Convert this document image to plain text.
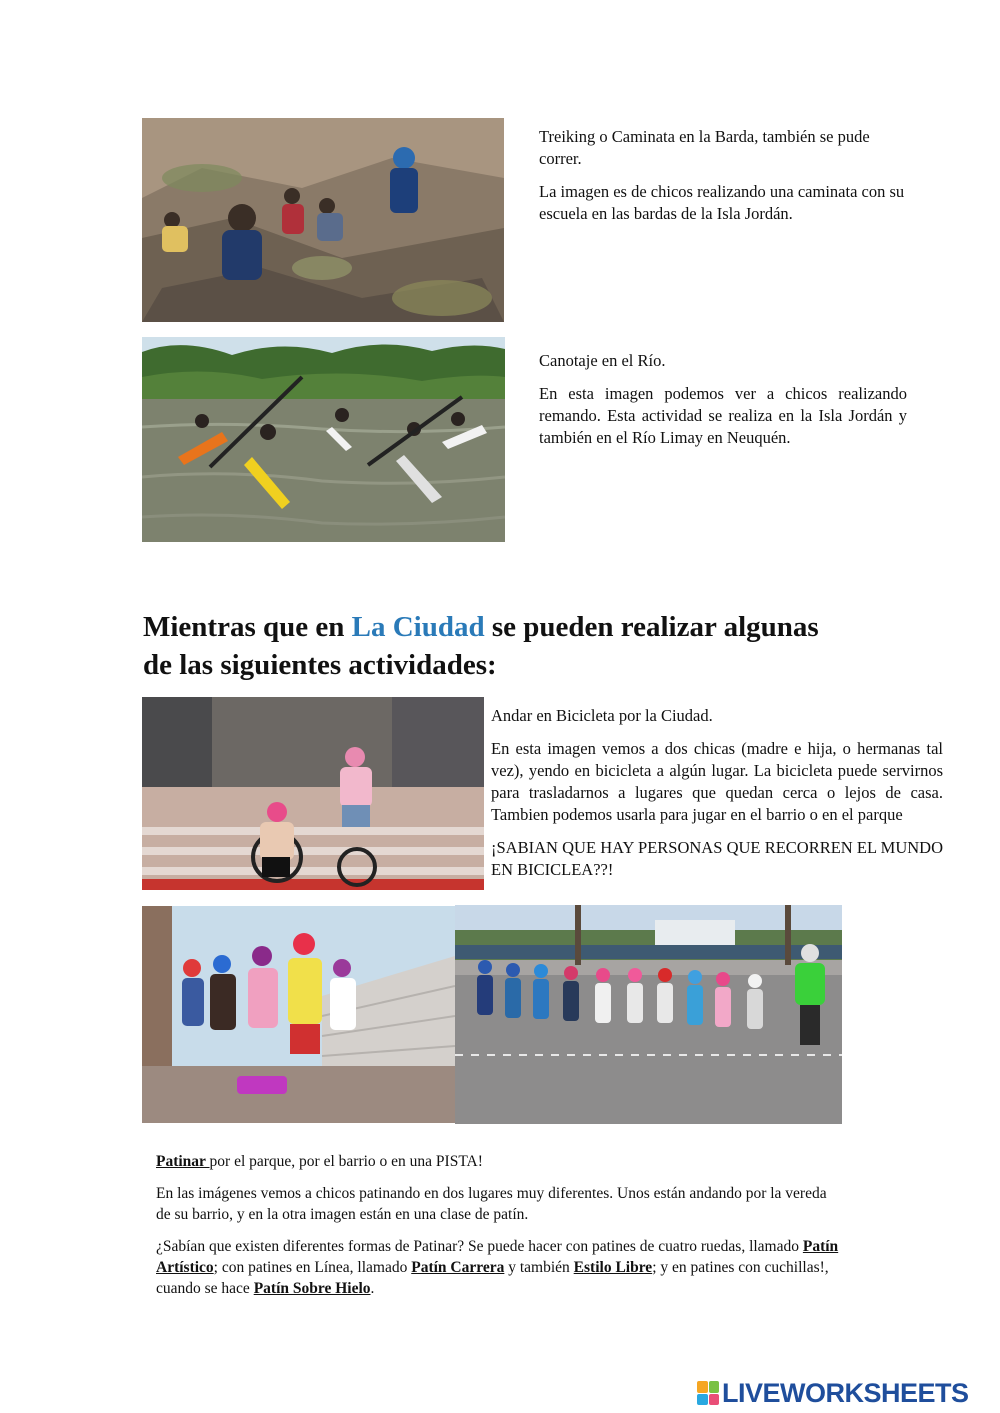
Treiking o Caminata en la Barda, también se pude correr.

La imagen es de chicos realizando una caminata con su escuela en las bardas de la Isla Jordán.

Canotaje en el Río.

En esta imagen podemos ver a chicos realizando remando. Esta actividad se realiza en la Isla Jordán y también en el Río Limay en Neuquén.

Mientras que en La Ciudad se pueden realizar algunas
de las siguientes actividades:

Andar en Bicicleta por la Ciudad.

En esta imagen vemos a dos chicas (madre e hija, o hermanas tal vez), yendo en bicicleta a algún lugar. La bicicleta puede servirnos para trasladarnos a lugares que quedan cerca o lejos de casa. Tambien podemos usarla para jugar en el barrio o en el parque

¡SABIAN QUE HAY PERSONAS QUE RECORREN EL MUNDO EN BICICLEA??!

Patinar por el parque, por el barrio o en una PISTA!

En las imágenes vemos a chicos patinando en dos lugares muy diferentes. Unos están andando por la vereda de su barrio, y en la otra imagen están en una clase de patín.

¿Sabían que existen diferentes formas de Patinar? Se puede hacer con patines de cuatro ruedas, llamado Patín Artístico; con patines en Línea, llamado Patín Carrera y también Estilo Libre; y en patines con cuchillas!, cuando se hace Patín Sobre Hielo.

LIVEWORKSHEETS
